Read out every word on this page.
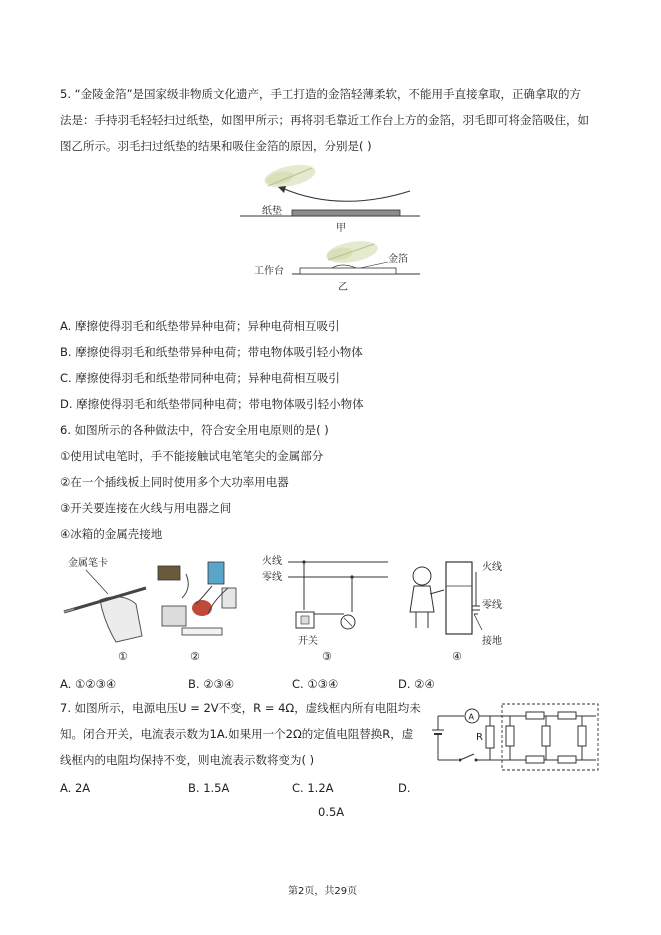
5. “金陵金箔”是国家级非物质文化遗产，手工打造的金箔轻薄柔软，不能用手直接拿取，正确拿取的方
法是：手持羽毛轻轻扫过纸垫，如图甲所示；再将羽毛靠近工作台上方的金箔，羽毛即可将金箔吸住，如
图乙所示。羽毛扫过纸垫的结果和吸住金箔的原因，分别是( )
纸垫
甲
工作台
金箔
乙
A. 摩擦使得羽毛和纸垫带异种电荷；异种电荷相互吸引
B. 摩擦使得羽毛和纸垫带异种电荷；带电物体吸引轻小物体
C. 摩擦使得羽毛和纸垫带同种电荷；异种电荷相互吸引
D. 摩擦使得羽毛和纸垫带同种电荷；带电物体吸引轻小物体
6. 如图所示的各种做法中，符合安全用电原则的是( )
①使用试电笔时，手不能接触试电笔笔尖的金属部分
②在一个插线板上同时使用多个大功率用电器
③开关要连接在火线与用电器之间
④冰箱的金属壳接地
金属笔卡
①	②
火线
零线
开关
③
火线
零线
接地
④
A. ①②③④	B. ②③④	C. ①③④	D. ②④
7. 如图所示，电源电压U = 2V不变，R = 4Ω，虚线框内所有电阻均未
知。闭合开关，电流表示数为1A.如果用一个2Ω的定值电阻替换R，虚
线框内的电阻均保持不变，则电流表示数将变为( )
A
R
A. 2A	B. 1.5A	C. 1.2A	D.
0.5A
第2页，共29页
